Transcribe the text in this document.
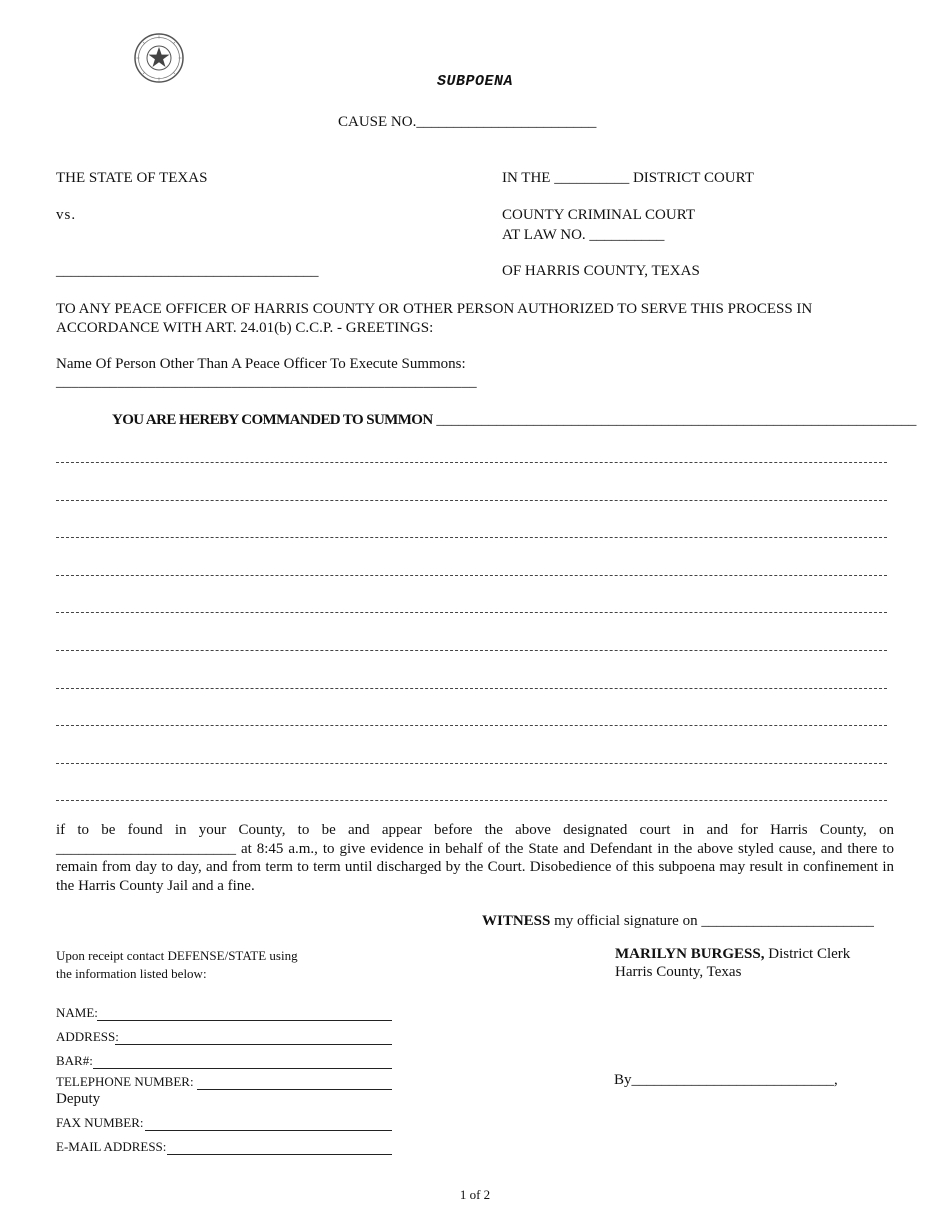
SUBPOENA
CAUSE NO.________________________
THE STATE OF TEXAS
vs.
___________________________________
IN THE __________ DISTRICT COURT
COUNTY CRIMINAL COURT
AT LAW NO. __________
OF HARRIS COUNTY, TEXAS
TO ANY PEACE OFFICER OF HARRIS COUNTY OR OTHER PERSON AUTHORIZED TO SERVE THIS PROCESS IN ACCORDANCE WITH ART. 24.01(b) C.C.P. - GREETINGS:
Name Of Person Other Than A Peace Officer To Execute Summons:
_______________________________________________________
YOU ARE HEREBY COMMANDED TO SUMMON ________________________________________________________________
if to be found in your County, to be and appear before the above designated court in and for Harris County, on ________________________ at 8:45 a.m., to give evidence in behalf of the State and Defendant in the above styled cause, and there to remain from day to day, and from term to term until discharged by the Court. Disobedience of this subpoena may result in confinement in the Harris County Jail and a fine.
WITNESS my official signature on _______________________
Upon receipt contact DEFENSE/STATE using
the information listed below:
MARILYN BURGESS, District Clerk
Harris County, Texas
NAME:
ADDRESS:
BAR#:
TELEPHONE NUMBER:
FAX NUMBER:
E-MAIL ADDRESS:
By___________________________,
Deputy
1 of 2
